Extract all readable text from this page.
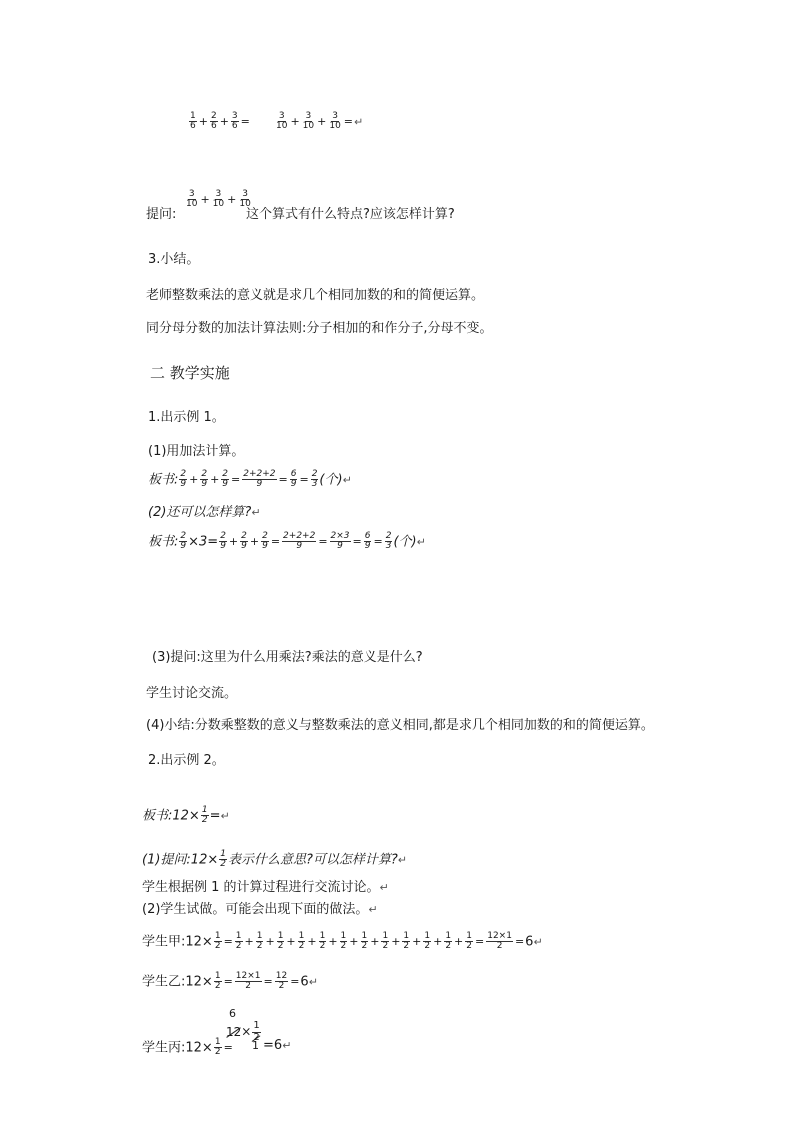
$\frac{1}{6} + \frac{2}{6} + \frac{3}{6}$ =	$\frac{3}{10} + \frac{3}{10} + \frac{3}{10}$ =↵
$\frac{3}{10} + \frac{3}{10} + \frac{3}{10}$
提问:	这个算式有什么特点?应该怎样计算?
3.小结。
老师整数乘法的意义就是求几个相同加数的和的简便运算。
同分母分数的加法计算法则:分子相加的和作分子,分母不变。
二 教学实施
1.出示例 1。
(1)用加法计算。
板书: $\frac{2}{9} + \frac{2}{9} + \frac{2}{9} = \frac{2+2+2}{9} = \frac{6}{9} = \frac{2}{3}$ (个)↵
(2)还可以怎样算?↵
板书: $\frac{2}{9} \times 3= \frac{2}{9} + \frac{2}{9} + \frac{2}{9} = \frac{2+2+2}{9} = \frac{2\times 3}{9} = \frac{6}{9} = \frac{2}{3}$ (个)↵
(3)提问:这里为什么用乘法?乘法的意义是什么?
学生讨论交流。
(4)小结:分数乘整数的意义与整数乘法的意义相同,都是求几个相同加数的和的简便运算。
2.出示例 2。
板书:12× $\frac{1}{2}$ =↵
(1)提问:12× $\frac{1}{2}$ 表示什么意思?可以怎样计算?↵
学生根据例 1 的计算过程进行交流讨论。↵
(2)学生试做。可能会出现下面的做法。↵
学生甲:12× $\frac{1}{2} = \frac{1}{2} + \frac{1}{2} + \frac{1}{2} + \frac{1}{2} + \frac{1}{2} + \frac{1}{2} + \frac{1}{2} + \frac{1}{2} + \frac{1}{2} + \frac{1}{2} + \frac{1}{2} + \frac{1}{2} = \frac{12\times 1}{2}$ =6↵
学生乙:12× $\frac{1}{2} = \frac{12\times 1}{2} = \frac{12}{2}$ =6↵
学生丙:12× $\frac{1}{2}$ =
6
$12\times \frac{1}{2}$
1 =6↵
